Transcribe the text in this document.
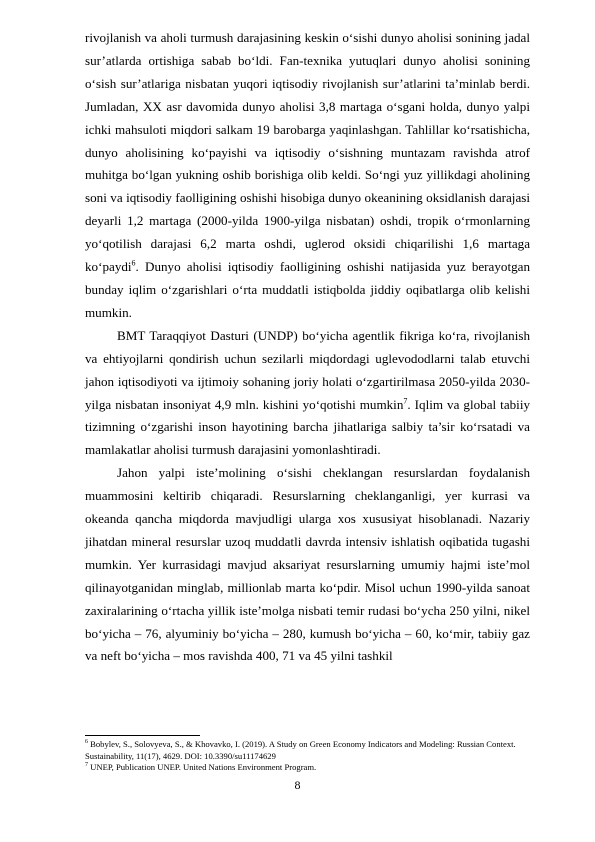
rivojlanish va aholi turmush darajasining keskin o‘sishi dunyo aholisi sonining jadal sur’atlarda ortishiga sabab bo‘ldi. Fan-texnika yutuqlari dunyo aholisi sonining o‘sish sur’atlariga nisbatan yuqori iqtisodiy rivojlanish sur’atlarini ta’minlab berdi. Jumladan, XX asr davomida dunyo aholisi 3,8 martaga o‘sgani holda, dunyo yalpi ichki mahsuloti miqdori salkam 19 barobarga yaqinlashgan. Tahlillar ko‘rsatishicha, dunyo aholisining ko‘payishi va iqtisodiy o‘sishning muntazam ravishda atrof muhitga bo‘lgan yukning oshib borishiga olib keldi. So‘ngi yuz yillikdagi aholining soni va iqtisodiy faolligining oshishi hisobiga dunyo okeanining oksidlanish darajasi deyarli 1,2 martaga (2000-yilda 1900-yilga nisbatan) oshdi, tropik o‘rmonlarning yo‘qotilish darajasi 6,2 marta oshdi, uglerod oksidi chiqarilishi 1,6 martaga ko‘paydi$^6$. Dunyo aholisi iqtisodiy faolligining oshishi natijasida yuz berayotgan bunday iqlim o‘zgarishlari o‘rta muddatli istiqbolda jiddiy oqibatlarga olib kelishi mumkin.

BMT Taraqqiyot Dasturi (UNDP) bo‘yicha agentlik fikriga ko‘ra, rivojlanish va ehtiyojlarni qondirish uchun sezilarli miqdordagi uglevododlarni talab etuvchi jahon iqtisodiyoti va ijtimoiy sohaning joriy holati o‘zgartirilmasa 2050-yilda 2030-yilga nisbatan insoniyat 4,9 mln. kishini yo‘qotishi mumkin$^7$. Iqlim va global tabiiy tizimning o‘zgarishi inson hayotining barcha jihatlariga salbiy ta’sir ko‘rsatadi va mamlakatlar aholisi turmush darajasini yomonlashtiradi.

Jahon yalpi iste’molining o‘sishi cheklangan resurslardan foydalanish muammosini keltirib chiqaradi. Resurslarning cheklanganligi, yer kurrasi va okeanda qancha miqdorda mavjudligi ularga xos xususiyat hisoblanadi. Nazariy jihatdan mineral resurslar uzoq muddatli davrda intensiv ishlatish oqibatida tugashi mumkin. Yer kurrasidagi mavjud aksariyat resurslarning umumiy hajmi iste’mol qilinayotganidan minglab, millionlab marta ko‘pdir. Misol uchun 1990-yilda sanoat zaxiralarining o‘rtacha yillik iste’molga nisbati temir rudasi bo‘ycha 250 yilni, nikel bo‘yicha – 76, alyuminiy bo‘yicha – 280, kumush bo‘yicha – 60, ko‘mir, tabiiy gaz va neft bo‘yicha – mos ravishda 400, 71 va 45 yilni tashkil

$^6$ Bobylev, S., Solovyeva, S., & Khovavko, I. (2019). A Study on Green Economy Indicators and Modeling: Russian Context. Sustainability, 11(17), 4629. DOI: 10.3390/su11174629

$^7$ UNEP, Publication UNEP. United Nations Environment Program.

8
